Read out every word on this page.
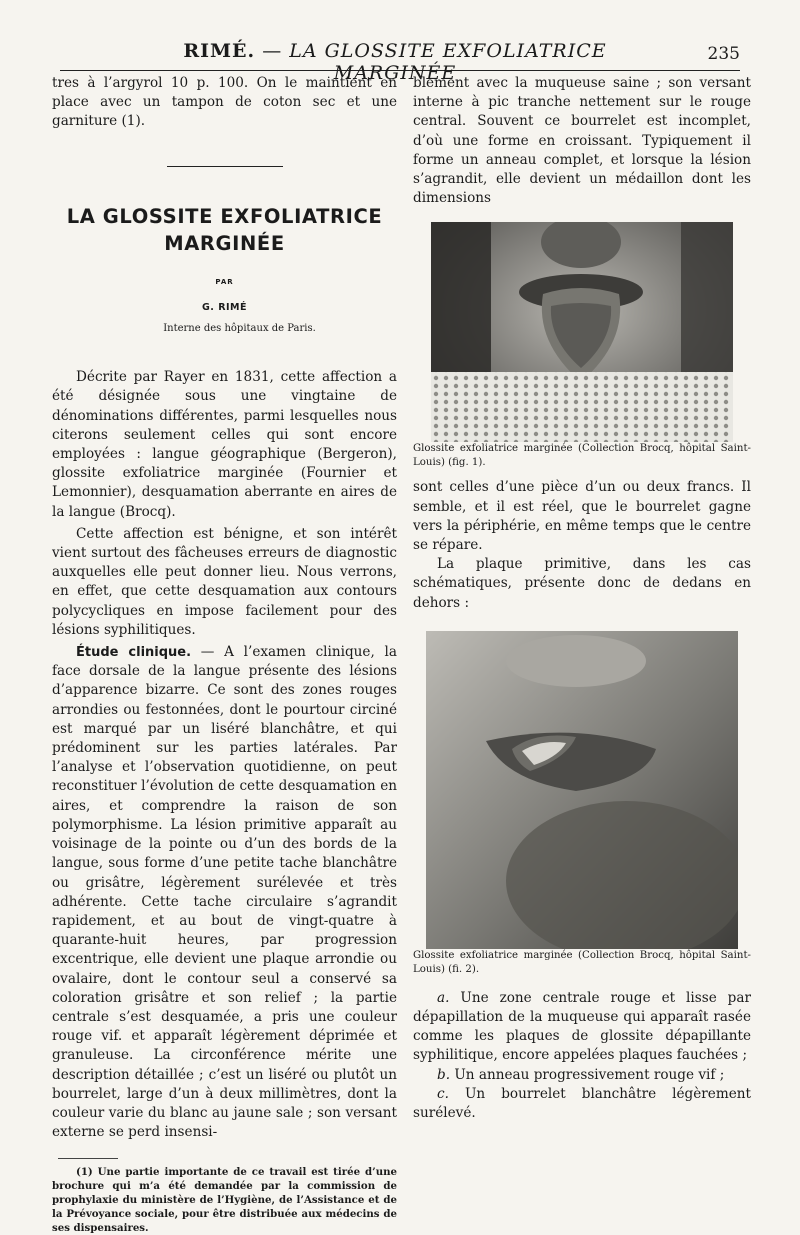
RIMÉ. — LA GLOSSITE EXFOLIATRICE MARGINÉE
235

tres à l’argyrol 10 p. 100. On le maintient en place avec un tampon de coton sec et une garniture (1).

LA GLOSSITE EXFOLIATRICE
MARGINÉE
PAR
G. RIMÉ
Interne des hôpitaux de Paris.

Décrite par Rayer en 1831, cette affection a été désignée sous une vingtaine de dénominations différentes, parmi lesquelles nous citerons seulement celles qui sont encore employées : langue géographique (Bergeron), glossite exfoliatrice marginée (Fournier et Lemonnier), desquamation aberrante en aires de la langue (Brocq).

Cette affection est bénigne, et son intérêt vient surtout des fâcheuses erreurs de diagnostic auxquelles elle peut donner lieu. Nous verrons, en effet, que cette desquamation aux contours polycycliques en impose facilement pour des lésions syphilitiques.

Étude clinique. — A l’examen clinique, la face dorsale de la langue présente des lésions d’apparence bizarre. Ce sont des zones rouges arrondies ou festonnées, dont le pourtour circiné est marqué par un liséré blanchâtre, et qui prédominent sur les parties latérales. Par l’analyse et l’observation quotidienne, on peut reconstituer l’évolution de cette desquamation en aires, et comprendre la raison de son polymorphisme. La lésion primitive apparaît au voisinage de la pointe ou d’un des bords de la langue, sous forme d’une petite tache blanchâtre ou grisâtre, légèrement surélevée et très adhérente. Cette tache circulaire s’agrandit rapidement, et au bout de vingt-quatre à quarante-huit heures, par progression excentrique, elle devient une plaque arrondie ou ovalaire, dont le contour seul a conservé sa coloration grisâtre et son relief ; la partie centrale s’est desquamée, a pris une couleur rouge vif. et apparaît légèrement déprimée et granuleuse. La circonférence mérite une description détaillée ; c’est un liséré ou plutôt un bourrelet, large d’un à deux millimètres, dont la couleur varie du blanc au jaune sale ; son versant externe se perd insensi-

(1) Une partie importante de ce travail est tirée d’une brochure qui m’a été demandée par la commission de prophylaxie du ministère de l’Hygiène, de l’Assistance et de la Prévoyance sociale, pour être distribuée aux médecins de ses dispensaires.

blement avec la muqueuse saine ; son versant interne à pic tranche nettement sur le rouge central. Souvent ce bourrelet est incomplet, d’où une forme en croissant. Typiquement il forme un anneau complet, et lorsque la lésion s’agrandit, elle devient un médaillon dont les dimensions

Glossite exfoliatrice marginée (Collection Brocq, hôpital Saint-Louis) (fig. 1).

sont celles d’une pièce d’un ou deux francs. Il semble, et il est réel, que le bourrelet gagne vers la périphérie, en même temps que le centre se répare.

La plaque primitive, dans les cas schématiques, présente donc de dedans en dehors :

Glossite exfoliatrice marginée (Collection Brocq, hôpital Saint-Louis) (fi. 2).

a. Une zone centrale rouge et lisse par dépapillation de la muqueuse qui apparaît rasée comme les plaques de glossite dépapillante syphilitique, encore appelées plaques fauchées ;

b. Un anneau progressivement rouge vif ;

c. Un bourrelet blanchâtre légèrement surélevé.
